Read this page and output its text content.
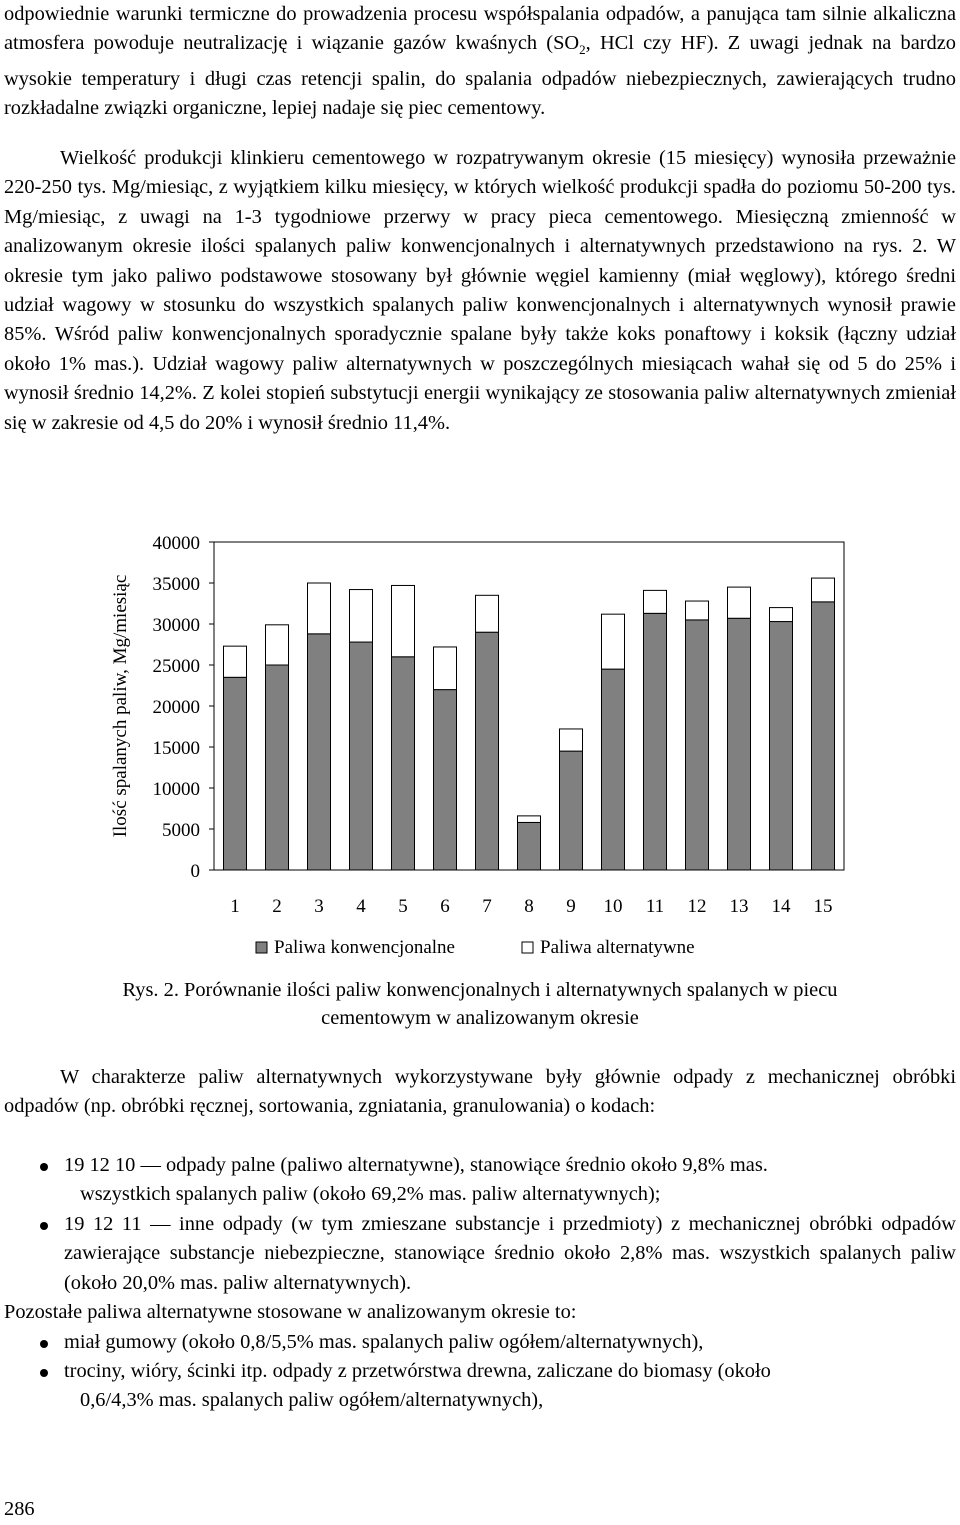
odpowiednie warunki termiczne do prowadzenia procesu współspalania odpadów, a panująca tam silnie alkaliczna atmosfera powoduje neutralizację i wiązanie gazów kwaśnych ($SO_2$, HCl czy HF). Z uwagi jednak na bardzo wysokie temperatury i długi czas retencji spalin, do spalania odpadów niebezpiecznych, zawierających trudno rozkładalne związki organiczne, lepiej nadaje się piec cementowy.

Wielkość produkcji klinkieru cementowego w rozpatrywanym okresie (15 miesięcy) wynosiła przeważnie 220-250 tys. Mg/miesiąc, z wyjątkiem kilku miesięcy, w których wielkość produkcji spadła do poziomu 50-200 tys. Mg/miesiąc, z uwagi na 1-3 tygodniowe przerwy w pracy pieca cementowego. Miesięczną zmienność w analizowanym okresie ilości spalanych paliw konwencjonalnych i alternatywnych przedstawiono na rys. 2. W okresie tym jako paliwo podstawowe stosowany był głównie węgiel kamienny (miał węglowy), którego średni udział wagowy w stosunku do wszystkich spalanych paliw konwencjonalnych i alternatywnych wynosił prawie 85%. Wśród paliw konwencjonalnych sporadycznie spalane były także koks ponaftowy i koksik (łączny udział około 1% mas.). Udział wagowy paliw alternatywnych w poszczególnych miesiącach wahał się od 5 do 25% i wynosił średnio 14,2%. Z kolei stopień substytucji energii wynikający ze stosowania paliw alternatywnych zmieniał się w zakresie od 4,5 do 20% i wynosił średnio 11,4%.

0
5000
10000
15000
20000
25000
30000
35000
40000
Ilość spalanych paliw, Mg/miesiąc
1 2 3 4 5 6 7 8 9 10 11 12 13 14 15
Paliwa konwencjonalne	Paliwa alternatywne
Rys. 2. Porównanie ilości paliw konwencjonalnych i alternatywnych spalanych w piecu
cementowym w analizowanym okresie

W charakterze paliw alternatywnych wykorzystywane były głównie odpady z mechanicznej obróbki odpadów (np. obróbki ręcznej, sortowania, zgniatania, granulowania) o kodach:

19 12 10 — odpady palne (paliwo alternatywne), stanowiące średnio około 9,8% mas.
wszystkich spalanych paliw (około 69,2% mas. paliw alternatywnych);
19 12 11 — inne odpady (w tym zmieszane substancje i przedmioty) z mechanicznej obróbki odpadów zawierające substancje niebezpieczne, stanowiące średnio około 2,8% mas. wszystkich spalanych paliw (około 20,0% mas. paliw alternatywnych).

Pozostałe paliwa alternatywne stosowane w analizowanym okresie to:

miał gumowy (około 0,8/5,5% mas. spalanych paliw ogółem/alternatywnych),
trociny, wióry, ścinki itp. odpady z przetwórstwa drewna, zaliczane do biomasy (około
0,6/4,3% mas. spalanych paliw ogółem/alternatywnych),
286
